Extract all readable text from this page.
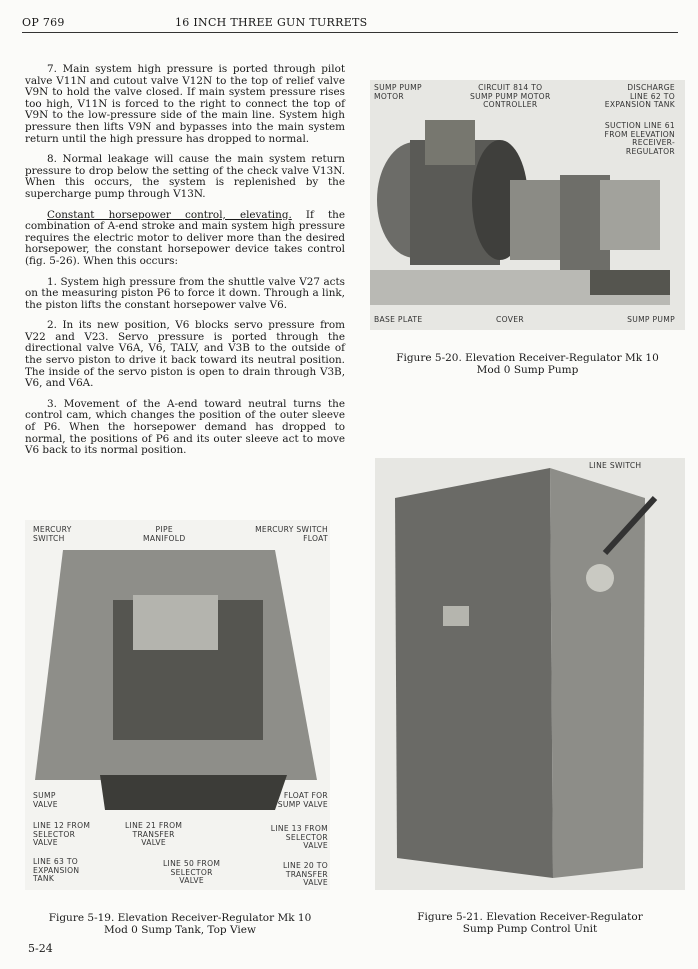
OP 769	16 INCH THREE GUN TURRETS

7. Main system high pressure is ported through pilot valve V11N and cutout valve V12N to the top of relief valve V9N to hold the valve closed. If main system pressure rises too high, V11N is forced to the right to connect the top of V9N to the low-pressure side of the main line. System high pressure then lifts V9N and bypasses into the main system return until the high pressure has dropped to normal.

8. Normal leakage will cause the main system return pressure to drop below the setting of the check valve V13N. When this occurs, the system is replenished by the supercharge pump through V13N.

Constant horsepower control, elevating. If the combination of A-end stroke and main system high pressure requires the electric motor to deliver more than the desired horsepower, the constant horsepower device takes control (fig. 5-26). When this occurs:

1. System high pressure from the shuttle valve V27 acts on the measuring piston P6 to force it down. Through a link, the piston lifts the constant horsepower valve V6.

2. In its new position, V6 blocks servo pressure from V22 and V23. Servo pressure is ported through the directional valve V6A, V6, TALV, and V3B to the outside of the servo piston to drive it back toward its neutral position. The inside of the servo piston is open to drain through V3B, V6, and V6A.

3. Movement of the A-end toward neutral turns the control cam, which changes the position of the outer sleeve of P6. When the horsepower demand has dropped to normal, the positions of P6 and its outer sleeve act to move V6 back to its normal position.

SUMP PUMP
MOTOR
CIRCUIT 814 TO
SUMP PUMP MOTOR
CONTROLLER
DISCHARGE
LINE 62 TO
EXPANSION TANK
SUCTION LINE 61
FROM ELEVATION
RECEIVER-
REGULATOR
BASE PLATE	COVER	SUMP PUMP
Figure 5-20. Elevation Receiver-Regulator Mk 10
Mod 0 Sump Pump
LINE SWITCH
Figure 5-21. Elevation Receiver-Regulator
Sump Pump Control Unit
MERCURY
SWITCH
PIPE
MANIFOLD
MERCURY SWITCH
FLOAT
SUMP
VALVE
FLOAT FOR
SUMP VALVE
LINE 12 FROM
SELECTOR
VALVE
LINE 21 FROM
TRANSFER
VALVE
LINE 13 FROM
SELECTOR
VALVE
LINE 63 TO
EXPANSION
TANK
LINE 50 FROM
SELECTOR
VALVE
LINE 20 TO
TRANSFER
VALVE
Figure 5-19. Elevation Receiver-Regulator Mk 10
Mod 0 Sump Tank, Top View
5-24
